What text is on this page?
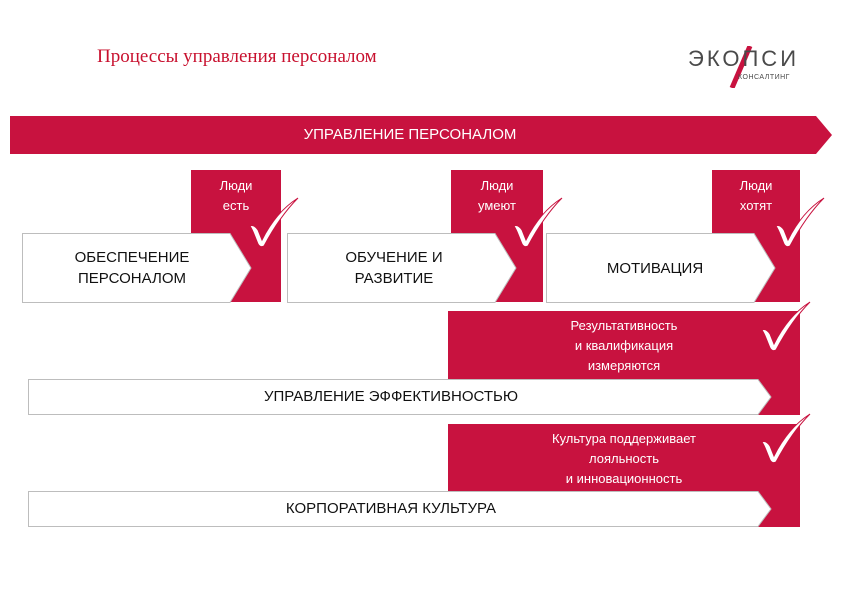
Процессы управления персоналом	ЭКОПСИ
КОНСАЛТИНГ
УПРАВЛЕНИЕ ПЕРСОНАЛОМ
Люди
есть
Люди
умеют
Люди
хотят
ОБЕСПЕЧЕНИЕ
ПЕРСОНАЛОМ
ОБУЧЕНИЕ И
РАЗВИТИЕ
МОТИВАЦИЯ
Результативность
и квалификация
измеряются
УПРАВЛЕНИЕ ЭФФЕКТИВНОСТЬЮ
Культура поддерживает
лояльность
и инновационность
КОРПОРАТИВНАЯ КУЛЬТУРА
